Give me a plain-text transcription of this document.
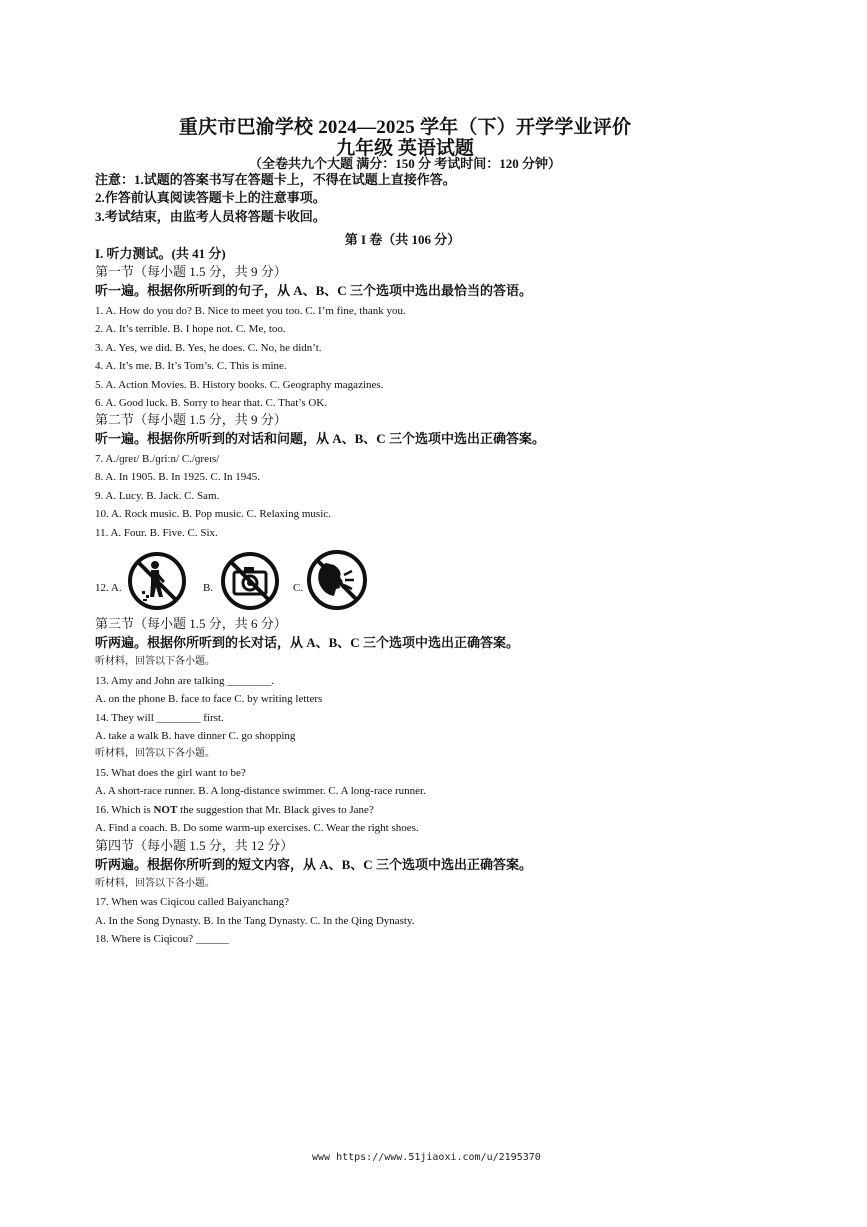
重庆市巴渝学校 2024—2025 学年（下）开学学业评价
九年级 英语试题
（全卷共九个大题 满分：150 分 考试时间：120 分钟）
注意：1.试题的答案书写在答题卡上，不得在试题上直接作答。
2.作答前认真阅读答题卡上的注意事项。
3.考试结束，由监考人员将答题卡收回。
第 I 卷（共 106 分）
I. 听力测试。(共 41 分)
第一节（每小题 1.5 分，共 9 分）
听一遍。根据你所听到的句子，从 A、B、C 三个选项中选出最恰当的答语。
1. A. How do you do? B. Nice to meet you too. C. I’m fine, thank you.
2. A. It’s terrible. B. I hope not. C. Me, too.
3. A. Yes, we did. B. Yes, he does. C. No, he didn’t.
4. A. It’s me. B. It’s Tom’s. C. This is mine.
5. A. Action Movies. B. History books. C. Geography magazines.
6. A. Good luck. B. Sorry to hear that. C. That’s OK.
第二节（每小题 1.5 分，共 9 分）
听一遍。根据你所听到的对话和问题，从 A、B、C 三个选项中选出正确答案。
7. A./ɡreɪ/ B./ɡriːn/ C./ɡreɪs/
8. A. In 1905. B. In 1925. C. In 1945.
9. A. Lucy. B. Jack. C. Sam.
10. A. Rock music. B. Pop music. C. Relaxing music.
11. A. Four. B. Five. C. Six.
12. A.	B.	C.
第三节（每小题 1.5 分，共 6 分）
听两遍。根据你所听到的长对话，从 A、B、C 三个选项中选出正确答案。
听材料，回答以下各小题。
13. Amy and John are talking ________.
A. on the phone B. face to face C. by writing letters
14. They will ________ first.
A. take a walk B. have dinner C. go shopping
听材料，回答以下各小题。
15. What does the girl want to be?
A. A short-race runner. B. A long-distance swimmer. C. A long-race runner.
16. Which is NOT the suggestion that Mr. Black gives to Jane?
A. Find a coach. B. Do some warm-up exercises. C. Wear the right shoes.
第四节（每小题 1.5 分，共 12 分）
听两遍。根据你所听到的短文内容，从 A、B、C 三个选项中选出正确答案。
听材料，回答以下各小题。
17. When was Ciqicou called Baiyanchang?
A. In the Song Dynasty. B. In the Tang Dynasty. C. In the Qing Dynasty.
18. Where is Ciqicou? ______
www https://www.51jiaoxi.com/u/2195370
